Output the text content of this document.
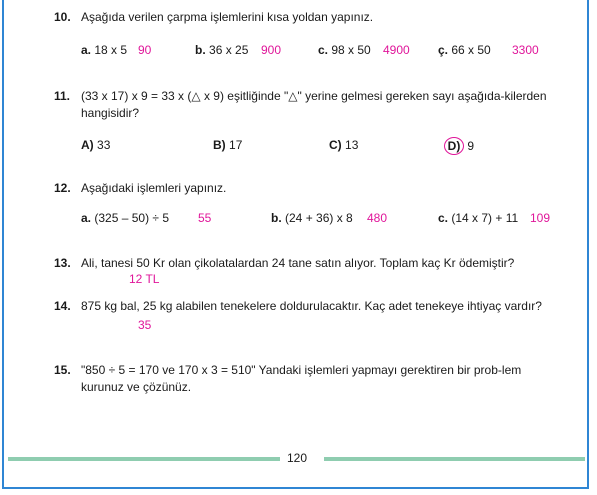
10. Aşağıda verilen çarpma işlemlerini kısa yoldan yapınız.
a. 18 x 5 90	b. 36 x 25 900	c. 98 x 50 4900 ç. 66 x 50 3300
11. (33 x 17) x 9 = 33 x (△ x 9) eşitliğinde "△" yerine gelmesi gereken sayı aşağıda-kilerden hangisidir?
A) 33	B) 17	C) 13	D) 9
12. Aşağıdaki işlemleri yapınız.
a. (325 – 50) ÷ 5 55	b. (24 + 36) x 8 480	c. (14 x 7) + 11 109
13. Ali, tanesi 50 Kr olan çikolatalardan 24 tane satın alıyor. Toplam kaç Kr ödemiştir?
12 TL
14. 875 kg bal, 25 kg alabilen tenekelere doldurulacaktır. Kaç adet tenekeye ihtiyaç vardır?
35
15. "850 ÷ 5 = 170 ve 170 x 3 = 510" Yandaki işlemleri yapmayı gerektiren bir prob-lem kurunuz ve çözünüz.
120
